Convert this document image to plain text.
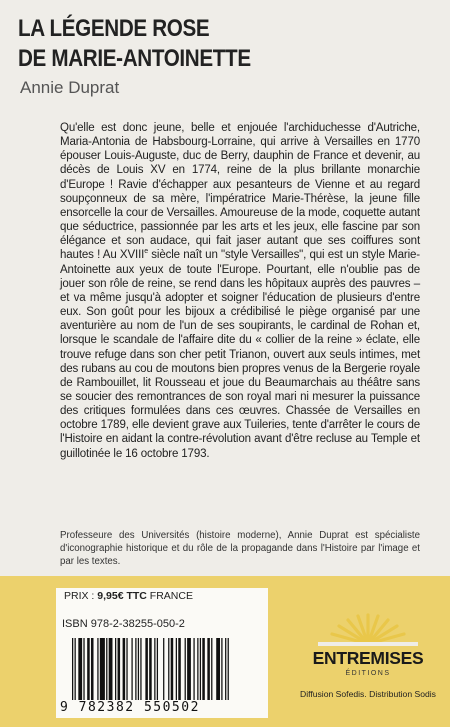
LA LÉGENDE ROSE
DE MARIE-ANTOINETTE
Annie Duprat
Qu'elle est donc jeune, belle et enjouée l'archiduchesse d'Autriche, Maria-Antonia de Habsbourg-Lorraine, qui arrive à Versailles en 1770 épouser Louis-Auguste, duc de Berry, dauphin de France et devenir, au décès de Louis XV en 1774, reine de la plus brillante monarchie d'Europe ! Ravie d'échapper aux pesanteurs de Vienne et au regard soupçonneux de sa mère, l'impératrice Marie-Thérèse, la jeune fille ensorcelle la cour de Versailles. Amoureuse de la mode, coquette autant que séductrice, passionnée par les arts et les jeux, elle fascine par son élégance et son audace, qui fait jaser autant que ses coiffures sont hautes ! Au XVIIIe siècle naît un "style Versailles", qui est un style Marie-Antoinette aux yeux de toute l'Europe. Pourtant, elle n'oublie pas de jouer son rôle de reine, se rend dans les hôpitaux auprès des pauvres – et va même jusqu'à adopter et soigner l'éducation de plusieurs d'entre eux. Son goût pour les bijoux a crédibilisé le piège organisé par une aventurière au nom de l'un de ses soupirants, le cardinal de Rohan et, lorsque le scandale de l'affaire dite du « collier de la reine » éclate, elle trouve refuge dans son cher petit Trianon, ouvert aux seuls intimes, met des rubans au cou de moutons bien propres venus de la Bergerie royale de Rambouillet, lit Rousseau et joue du Beaumarchais au théâtre sans se soucier des remontrances de son royal mari ni mesurer la puissance des critiques formulées dans ces œuvres. Chassée de Versailles en octobre 1789, elle devient grave aux Tuileries, tente d'arrêter le cours de l'Histoire en aidant la contre-révolution avant d'être recluse au Temple et guillotinée le 16 octobre 1793.
Professeure des Universités (histoire moderne), Annie Duprat est spécialiste d'iconographie historique et du rôle de la propagande dans l'Histoire par l'image et par les textes.
PRIX : 9,95€ TTC FRANCE
ISBN 978-2-38255-050-2
9 782382 550502
ENTREMISES
ÉDITIONS
Diffusion Sofedis. Distribution Sodis
